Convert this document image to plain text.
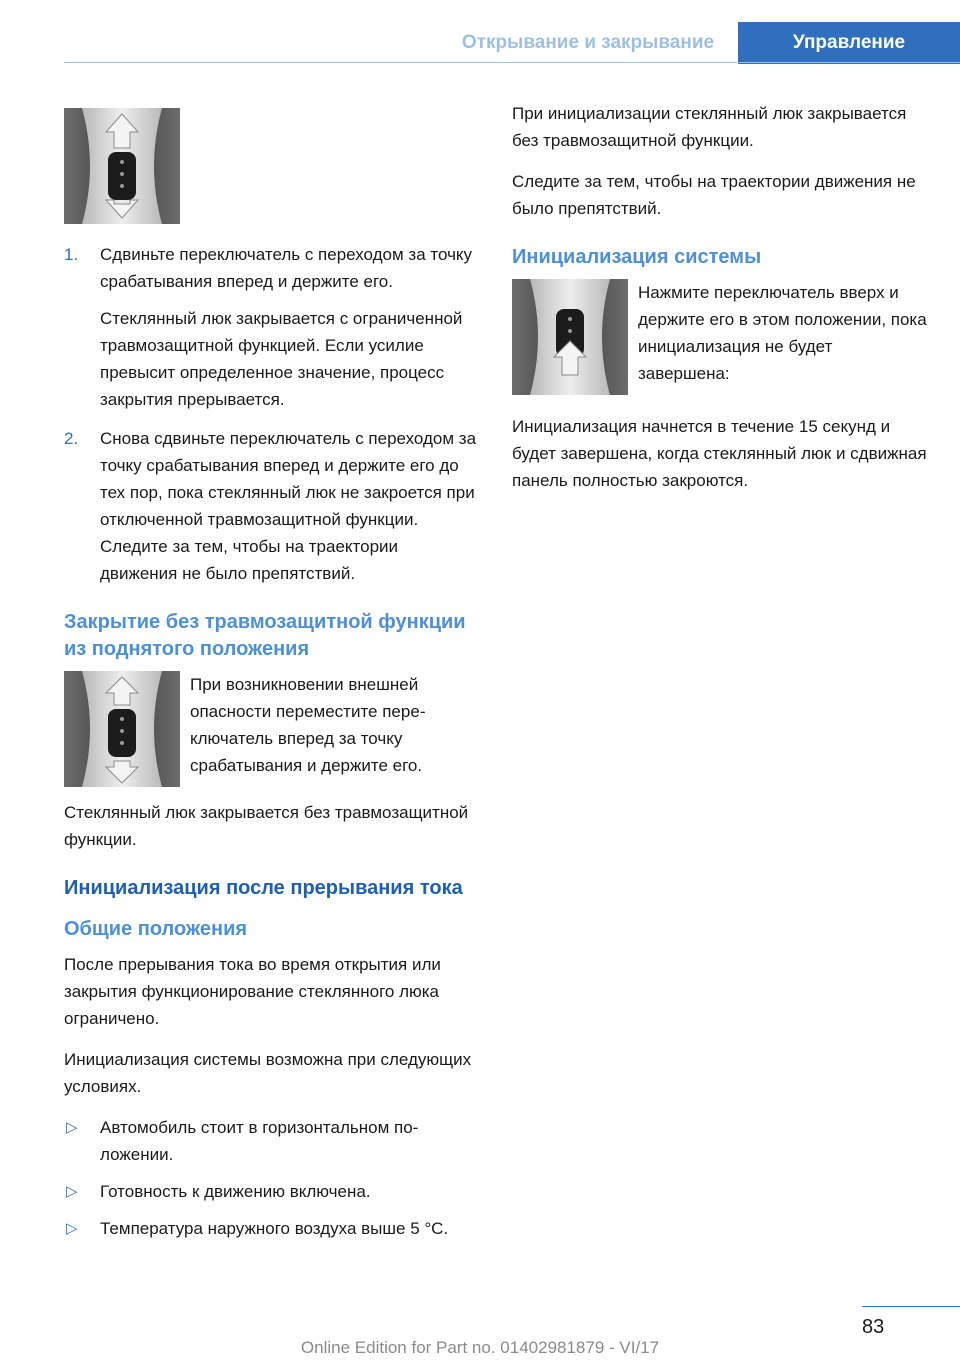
Открывание и закрывание	Управление
1. Сдвиньте переключатель с переходом за точку срабатывания вперед и держите его.

Стеклянный люк закрывается с ограниченной травмозащитной функцией. Если усилие превысит определенное значение, процесс закрытия прерывается.

2. Снова сдвиньте переключатель с переходом за точку срабатывания вперед и держите его до тех пор, пока стеклянный люк не закроется при отключенной травмозащитной функции. Следите за тем, чтобы на траектории движения не было препятствий.

Закрытие без травмозащитной функции из поднятого положения

При возникновении внешней опасности переместите переключатель вперед за точку срабатывания и держите его.

Стеклянный люк закрывается без травмозащитной функции.

Инициализация после прерывания тока
Общие положения

После прерывания тока во время открытия или закрытия функционирование стеклянного люка ограничено.

Инициализация системы возможна при следующих условиях.

▷ Автомобиль стоит в горизонтальном положении.

▷ Готовность к движению включена.

▷ Температура наружного воздуха выше 5 °C.

При инициализации стеклянный люк закрывается без травмозащитной функции.

Следите за тем, чтобы на траектории движения не было препятствий.

Инициализация системы

Нажмите переключатель вверх и держите его в этом положении, пока инициализация не будет завершена:

Инициализация начнется в течение 15 секунд и будет завершена, когда стеклянный люк и сдвижная панель полностью закроются.

83
Online Edition for Part no. 01402981879 - VI/17
